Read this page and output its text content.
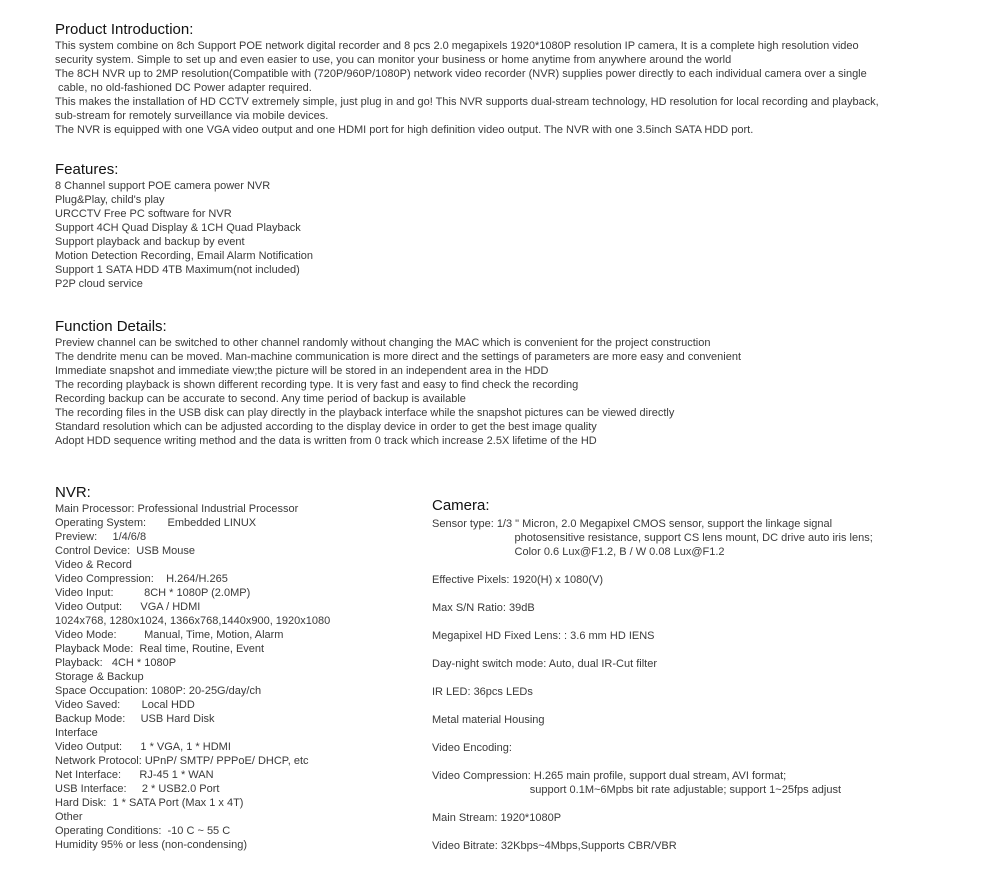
Product Introduction:
This system combine on 8ch Support POE network digital recorder and 8 pcs 2.0 megapixels 1920*1080P resolution IP camera, It is a complete high resolution video
security system. Simple to set up and even easier to use, you can monitor your business or home anytime from anywhere around the world
The 8CH NVR up to 2MP resolution(Compatible with (720P/960P/1080P) network video recorder (NVR) supplies power directly to each individual camera over a single
cable, no old-fashioned DC Power adapter required.
This makes the installation of HD CCTV extremely simple, just plug in and go! This NVR supports dual-stream technology, HD resolution for local recording and playback,
sub-stream for remotely surveillance via mobile devices.
The NVR is equipped with one VGA video output and one HDMI port for high definition video output. The NVR with one 3.5inch SATA HDD port.
Features:
8 Channel support POE camera power NVR
Plug&Play, child's play
URCCTV Free PC software for NVR
Support 4CH Quad Display & 1CH Quad Playback
Support playback and backup by event
Motion Detection Recording, Email Alarm Notification
Support 1 SATA HDD 4TB Maximum(not included)
P2P cloud service
Function Details:
Preview channel can be switched to other channel randomly without changing the MAC which is convenient for the project construction
The dendrite menu can be moved. Man-machine communication is more direct and the settings of parameters are more easy and convenient
Immediate snapshot and immediate view;the picture will be stored in an independent area in the HDD
The recording playback is shown different recording type. It is very fast and easy to find check the recording
Recording backup can be accurate to second. Any time period of backup is available
The recording files in the USB disk can play directly in the playback interface while the snapshot pictures can be viewed directly
Standard resolution which can be adjusted according to the display device in order to get the best image quality
Adopt HDD sequence writing method and the data is written from 0 track which increase 2.5X lifetime of the HD
NVR:
Main Processor: Professional Industrial Processor
Operating System:       Embedded LINUX
Preview:     1/4/6/8
Control Device:  USB Mouse
Video & Record
Video Compression:    H.264/H.265
Video Input:          8CH * 1080P (2.0MP)
Video Output:      VGA / HDMI
1024x768, 1280x1024, 1366x768,1440x900, 1920x1080
Video Mode:         Manual, Time, Motion, Alarm
Playback Mode:  Real time, Routine, Event
Playback:   4CH * 1080P
Storage & Backup
Space Occupation: 1080P: 20-25G/day/ch
Video Saved:       Local HDD
Backup Mode:     USB Hard Disk
Interface
Video Output:      1 * VGA, 1 * HDMI
Network Protocol: UPnP/ SMTP/ PPPoE/ DHCP, etc
Net Interface:      RJ-45 1 * WAN
USB Interface:     2 * USB2.0 Port
Hard Disk:  1 * SATA Port (Max 1 x 4T)
Other
Operating Conditions:  -10 C ~ 55 C
Humidity 95% or less (non-condensing)
Camera:
Sensor type: 1/3 " Micron, 2.0 Megapixel CMOS sensor, support the linkage signal
photosensitive resistance, support CS lens mount, DC drive auto iris lens;
Color 0.6 Lux@F1.2, B / W 0.08 Lux@F1.2
Effective Pixels: 1920(H) x 1080(V)
Max S/N Ratio: 39dB
Megapixel HD Fixed Lens: : 3.6 mm HD IENS
Day-night switch mode: Auto, dual IR-Cut filter
IR LED: 36pcs LEDs
Metal material Housing
Video Encoding:
Video Compression: H.265 main profile, support dual stream, AVI format;
support 0.1M~6Mpbs bit rate adjustable; support 1~25fps adjust
Main Stream: 1920*1080P
Video Bitrate: 32Kbps~4Mbps,Supports CBR/VBR
